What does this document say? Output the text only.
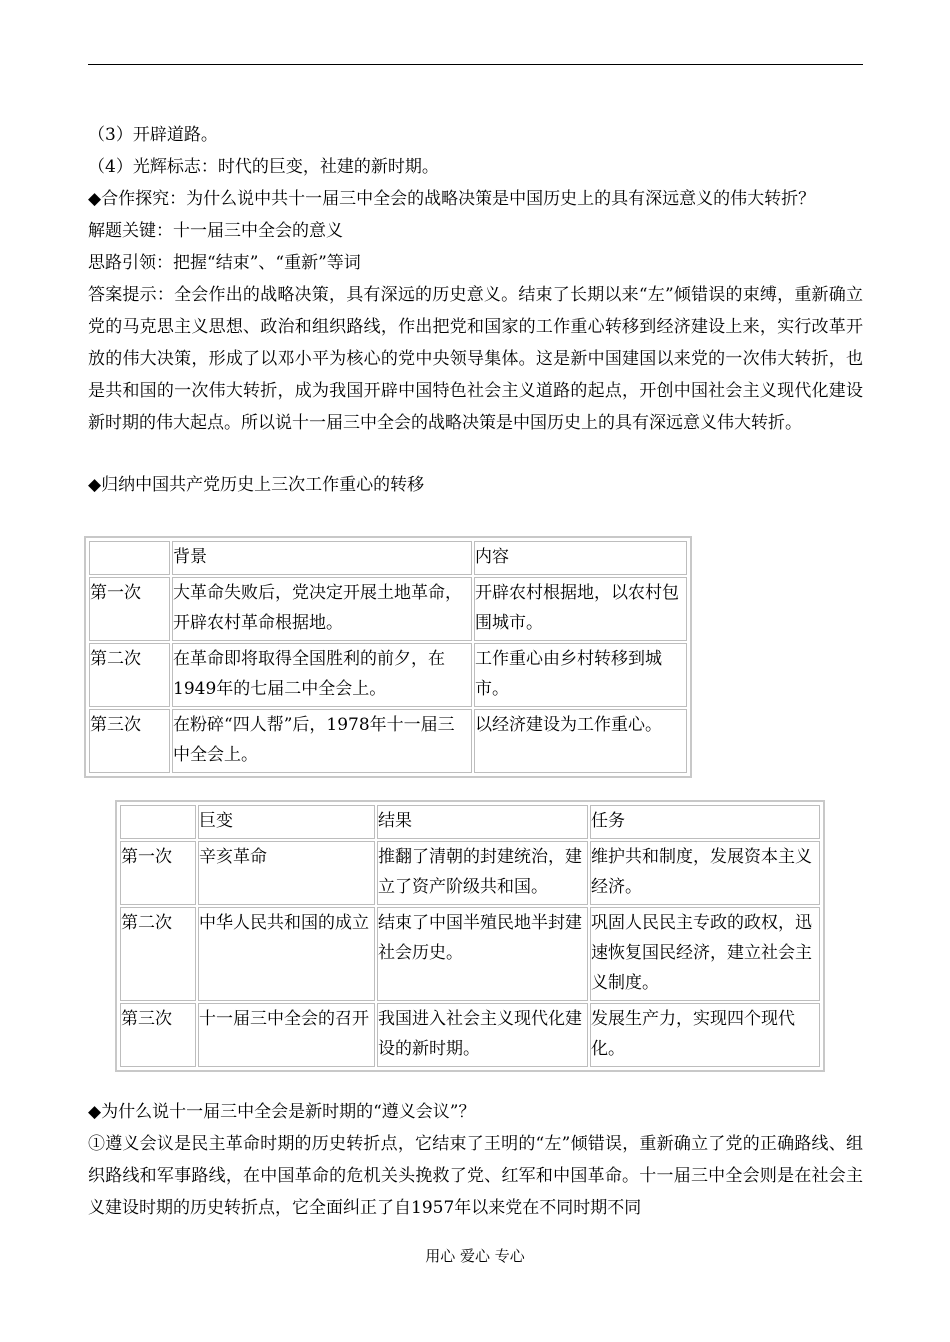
（3）开辟道路。

（4）光辉标志：时代的巨变，社建的新时期。

◆合作探究：为什么说中共十一届三中全会的战略决策是中国历史上的具有深远意义的伟大转折？

解题关键：十一届三中全会的意义

思路引领：把握“结束”、“重新”等词

答案提示：全会作出的战略决策，具有深远的历史意义。结束了长期以来“左”倾错误的束缚，重新确立党的马克思主义思想、政治和组织路线，作出把党和国家的工作重心转移到经济建设上来，实行改革开放的伟大决策，形成了以邓小平为核心的党中央领导集体。这是新中国建国以来党的一次伟大转折，也是共和国的一次伟大转折，成为我国开辟中国特色社会主义道路的起点，开创中国社会主义现代化建设新时期的伟大起点。所以说十一届三中全会的战略决策是中国历史上的具有深远意义伟大转折。

◆归纳中国共产党历史上三次工作重心的转移

	背景	内容
第一次	大革命失败后，党决定开展土地革命，开辟农村革命根据地。	开辟农村根据地，以农村包围城市。
第二次	在革命即将取得全国胜利的前夕，在1949年的七届二中全会上。	工作重心由乡村转移到城市。
第三次	在粉碎“四人帮”后，1978年十一届三中全会上。	以经济建设为工作重心。
	巨变	结果	任务
第一次	辛亥革命	推翻了清朝的封建统治，建立了资产阶级共和国。	维护共和制度，发展资本主义经济。
第二次	中华人民共和国的成立	结束了中国半殖民地半封建社会历史。	巩固人民民主专政的政权，迅速恢复国民经济，建立社会主义制度。
第三次	十一届三中全会的召开	我国进入社会主义现代化建设的新时期。	发展生产力，实现四个现代化。

◆为什么说十一届三中全会是新时期的“遵义会议”？

①遵义会议是民主革命时期的历史转折点，它结束了王明的“左”倾错误，重新确立了党的正确路线、组织路线和军事路线，在中国革命的危机关头挽救了党、红军和中国革命。十一届三中全会则是在社会主义建设时期的历史转折点，它全面纠正了自1957年以来党在不同时期不同

用心 爱心 专心
